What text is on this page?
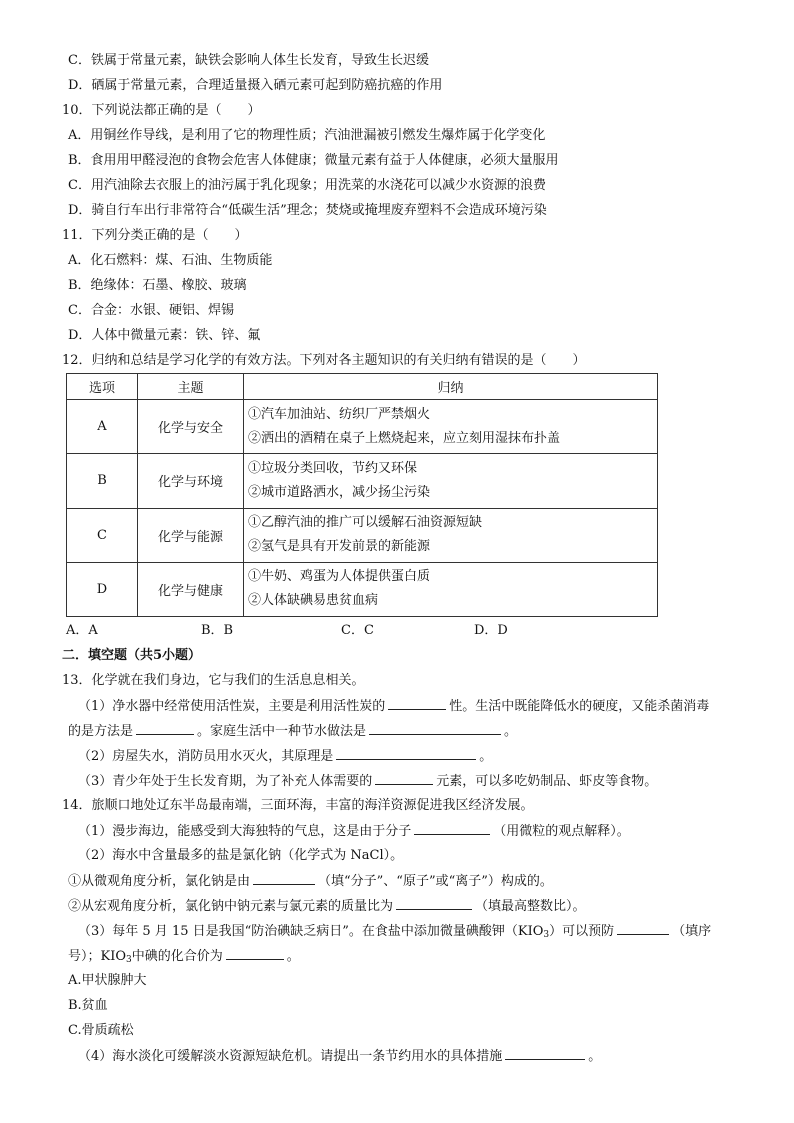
C．铁属于常量元素，缺铁会影响人体生长发育，导致生长迟缓
D．硒属于常量元素，合理适量摄入硒元素可起到防癌抗癌的作用
10．下列说法都正确的是（　　）
A．用铜丝作导线，是利用了它的物理性质；汽油泄漏被引燃发生爆炸属于化学变化
B．食用用甲醛浸泡的食物会危害人体健康；微量元素有益于人体健康，必须大量服用
C．用汽油除去衣服上的油污属于乳化现象；用洗菜的水浇花可以减少水资源的浪费
D．骑自行车出行非常符合“低碳生活”理念；焚烧或掩埋废弃塑料不会造成环境污染
11．下列分类正确的是（　　）
A．化石燃料：煤、石油、生物质能
B．绝缘体：石墨、橡胶、玻璃
C．合金：水银、硬铝、焊锡
D．人体中微量元素：铁、锌、氟
12．归纳和总结是学习化学的有效方法。下列对各主题知识的有关归纳有错误的是（　　）
选项	主题	归纳
A	化学与安全	①汽车加油站、纺织厂严禁烟火
②洒出的酒精在桌子上燃烧起来，应立刻用湿抹布扑盖

B	化学与环境	①垃圾分类回收，节约又环保
②城市道路洒水，减少扬尘污染

C	化学与能源	①乙醇汽油的推广可以缓解石油资源短缺
②氢气是具有开发前景的新能源

D	化学与健康	①牛奶、鸡蛋为人体提供蛋白质
②人体缺碘易患贫血病
A．A	B．B	C．C	D．D
二．填空题（共5小题）
13．化学就在我们身边，它与我们的生活息息相关。
（1）净水器中经常使用活性炭，主要是利用活性炭的	性。生活中既能降低水的硬度，又能杀菌消毒
的是方法是	。家庭生活中一种节水做法是	。
（2）房屋失水，消防员用水灭火，其原理是	。
（3）青少年处于生长发育期，为了补充人体需要的	元素，可以多吃奶制品、虾皮等食物。
14．旅顺口地处辽东半岛最南端，三面环海，丰富的海洋资源促进我区经济发展。
（1）漫步海边，能感受到大海独特的气息，这是由于分子	（用微粒的观点解释）。
（2）海水中含量最多的盐是氯化钠（化学式为 NaCl）。
①从微观角度分析，氯化钠是由	（填“分子”、“原子”或“离子”）构成的。
②从宏观角度分析，氯化钠中钠元素与氯元素的质量比为	（填最高整数比）。
（3）每年 5 月 15 日是我国“防治碘缺乏病日”。在食盐中添加微量碘酸钾$(KIO_3)$可以预防	（填序
号）；$KIO_3$中碘的化合价为	。
A.甲状腺肿大
B.贫血
C.骨质疏松
（4）海水淡化可缓解淡水资源短缺危机。请提出一条节约用水的具体措施	。
